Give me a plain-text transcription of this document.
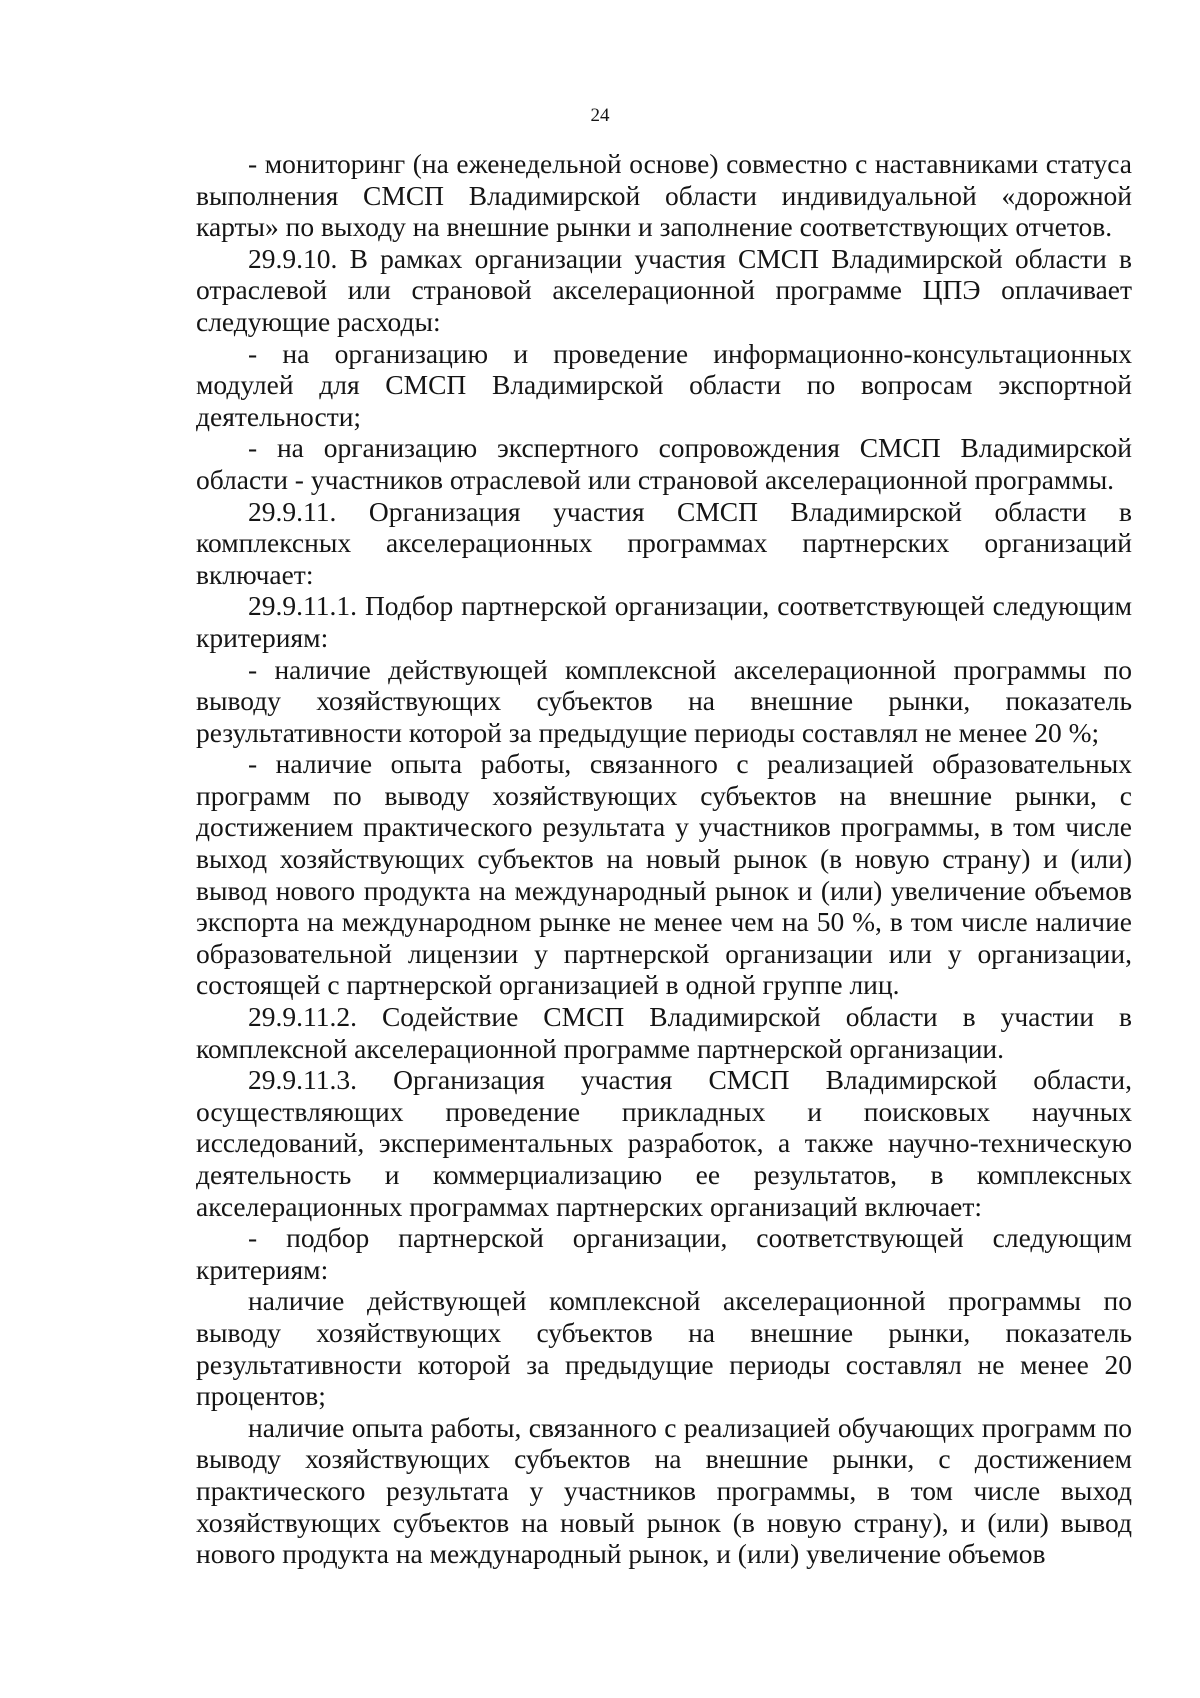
24

- мониторинг (на еженедельной основе) совместно с наставниками статуса выполнения СМСП Владимирской области индивидуальной «дорожной карты» по выходу на внешние рынки и заполнение соответствующих отчетов.

29.9.10. В рамках организации участия СМСП Владимирской области в отраслевой или страновой акселерационной программе ЦПЭ оплачивает следующие расходы:

- на организацию и проведение информационно-консультационных модулей для СМСП Владимирской области по вопросам экспортной деятельности;

- на организацию экспертного сопровождения СМСП Владимирской области - участников отраслевой или страновой акселерационной программы.

29.9.11. Организация участия СМСП Владимирской области в комплексных акселерационных программах партнерских организаций включает:

29.9.11.1. Подбор партнерской организации, соответствующей следующим критериям:

- наличие действующей комплексной акселерационной программы по выводу хозяйствующих субъектов на внешние рынки, показатель результативности которой за предыдущие периоды составлял не менее 20 %;

- наличие опыта работы, связанного с реализацией образовательных программ по выводу хозяйствующих субъектов на внешние рынки, с достижением практического результата у участников программы, в том числе выход хозяйствующих субъектов на новый рынок (в новую страну) и (или) вывод нового продукта на международный рынок и (или) увеличение объемов экспорта на международном рынке не менее чем на 50 %, в том числе наличие образовательной лицензии у партнерской организации или у организации, состоящей с партнерской организацией в одной группе лиц.

29.9.11.2. Содействие СМСП Владимирской области в участии в комплексной акселерационной программе партнерской организации.

29.9.11.3. Организация участия СМСП Владимирской области, осуществляющих проведение прикладных и поисковых научных исследований, экспериментальных разработок, а также научно-техническую деятельность и коммерциализацию ее результатов, в комплексных акселерационных программах партнерских организаций включает:

- подбор партнерской организации, соответствующей следующим критериям:

наличие действующей комплексной акселерационной программы по выводу хозяйствующих субъектов на внешние рынки, показатель результативности которой за предыдущие периоды составлял не менее 20 процентов;

наличие опыта работы, связанного с реализацией обучающих программ по выводу хозяйствующих субъектов на внешние рынки, с достижением практического результата у участников программы, в том числе выход хозяйствующих субъектов на новый рынок (в новую страну), и (или) вывод нового продукта на международный рынок, и (или) увеличение объемов
